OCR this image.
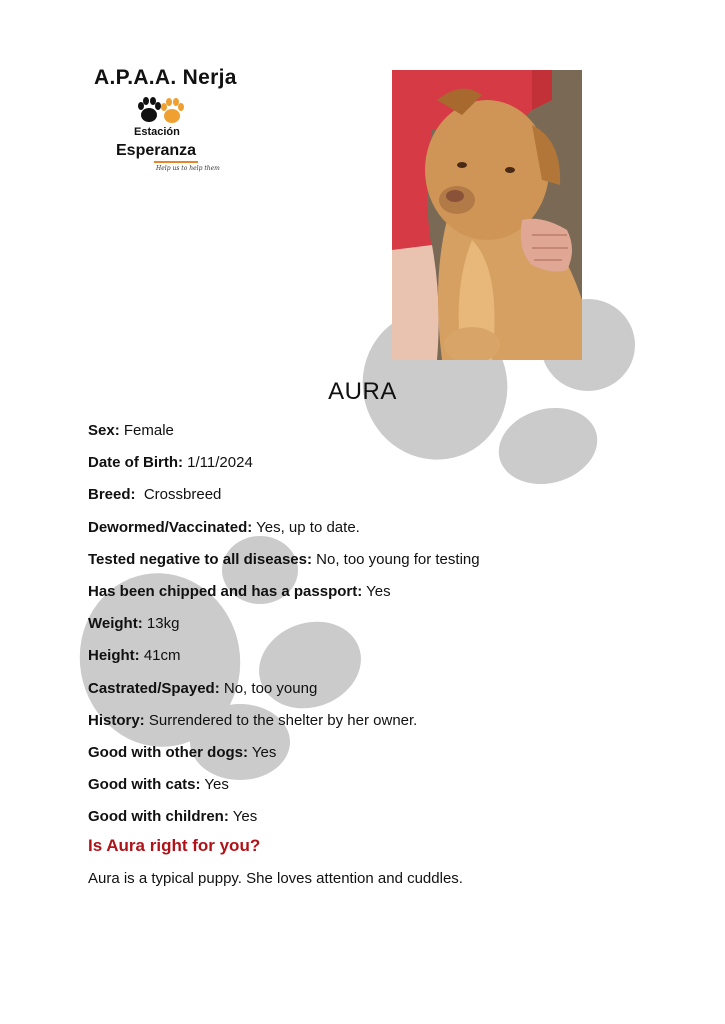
A.P.A.A. Nerja
Estación
Esperanza
Help us to help them
AURA
Sex: Female
Date of Birth: 1/11/2024
Breed:  Crossbreed
Dewormed/Vaccinated: Yes, up to date.
Tested negative to all diseases: No, too young for testing
Has been chipped and has a passport: Yes
Weight: 13kg
Height: 41cm
Castrated/Spayed: No, too young
History: Surrendered to the shelter by her owner.
Good with other dogs: Yes
Good with cats: Yes
Good with children: Yes
Is Aura right for you?
Aura is a typical puppy. She loves attention and cuddles.
